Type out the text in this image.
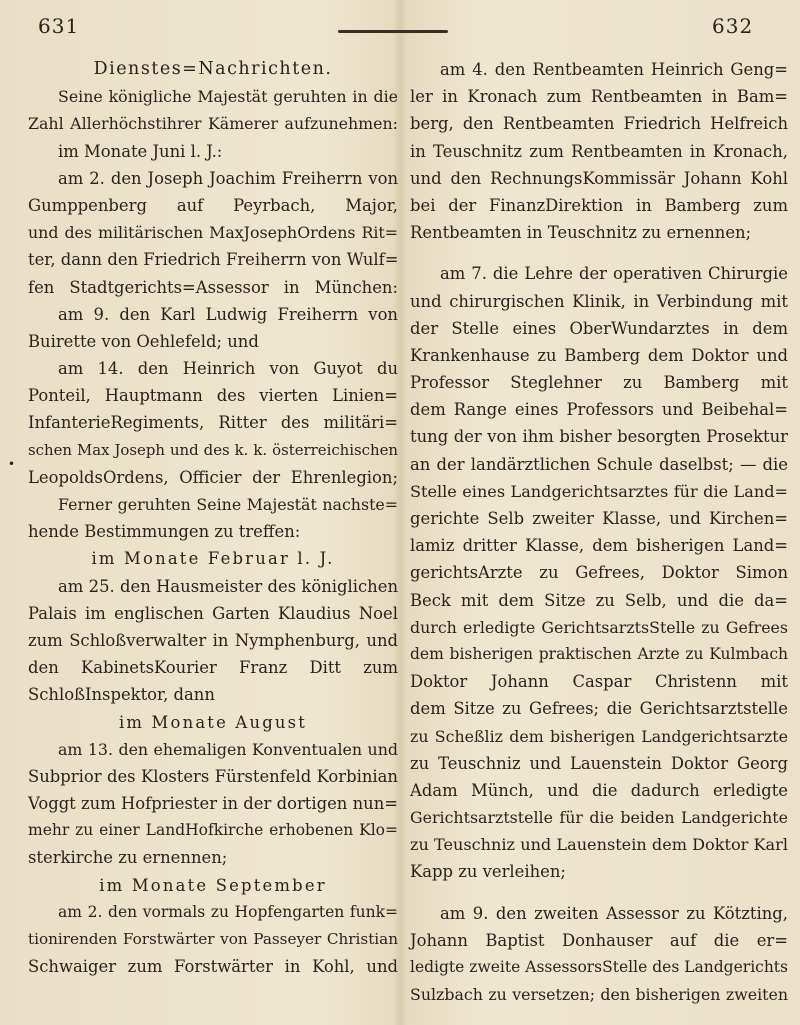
631	632
•
Dienstes=Nachrichten.
Seine königliche Majestät geruhten in die
Zahl Allerhöchstihrer Kämerer aufzunehmen:
im Monate Juni l. J.:
am 2. den Joseph Joachim Freiherrn von
Gumppenberg auf Peyrbach, Major,
und des militärischen MaxJosephOrdens Rit=
ter, dann den Friedrich Freiherrn von Wulf=
fen Stadtgerichts=Assessor in München:
am 9. den Karl Ludwig Freiherrn von
Buirette von Oehlefeld; und
am 14. den Heinrich von Guyot du
Ponteil, Hauptmann des vierten Linien=
InfanterieRegiments, Ritter des militäri=
schen Max Joseph und des k. k. österreichischen
LeopoldsOrdens, Officier der Ehrenlegion;
Ferner geruhten Seine Majestät nachste=
hende Bestimmungen zu treffen:
im Monate Februar l. J.
am 25. den Hausmeister des königlichen
Palais im englischen Garten Klaudius Noel
zum Schloßverwalter in Nymphenburg, und
den KabinetsKourier Franz Ditt zum
SchloßInspektor, dann
im Monate August
am 13. den ehemaligen Konventualen und
Subprior des Klosters Fürstenfeld Korbinian
Voggt zum Hofpriester in der dortigen nun=
mehr zu einer LandHofkirche erhobenen Klo=
sterkirche zu ernennen;
im Monate September
am 2. den vormals zu Hopfengarten funk=
tionirenden Forstwärter von Passeyer Christian
Schwaiger zum Forstwärter in Kohl, und
am 4. den Rentbeamten Heinrich Geng=
ler in Kronach zum Rentbeamten in Bam=
berg, den Rentbeamten Friedrich Helfreich
in Teuschnitz zum Rentbeamten in Kronach,
und den RechnungsKommissär Johann Kohl
bei der FinanzDirektion in Bamberg zum
Rentbeamten in Teuschnitz zu ernennen;
am 7. die Lehre der operativen Chirurgie
und chirurgischen Klinik, in Verbindung mit
der Stelle eines OberWundarztes in dem
Krankenhause zu Bamberg dem Doktor und
Professor Steglehner zu Bamberg mit
dem Range eines Professors und Beibehal=
tung der von ihm bisher besorgten Prosektur
an der landärztlichen Schule daselbst; — die
Stelle eines Landgerichtsarztes für die Land=
gerichte Selb zweiter Klasse, und Kirchen=
lamiz dritter Klasse, dem bisherigen Land=
gerichtsArzte zu Gefrees, Doktor Simon
Beck mit dem Sitze zu Selb, und die da=
durch erledigte GerichtsarztsStelle zu Gefrees
dem bisherigen praktischen Arzte zu Kulmbach
Doktor Johann Caspar Christenn mit
dem Sitze zu Gefrees; die Gerichtsarztstelle
zu Scheßliz dem bisherigen Landgerichtsarzte
zu Teuschniz und Lauenstein Doktor Georg
Adam Münch, und die dadurch erledigte
Gerichtsarztstelle für die beiden Landgerichte
zu Teuschniz und Lauenstein dem Doktor Karl
Kapp zu verleihen;
am 9. den zweiten Assessor zu Kötzting,
Johann Baptist Donhauser auf die er=
ledigte zweite AssessorsStelle des Landgerichts
Sulzbach zu versetzen; den bisherigen zweiten
